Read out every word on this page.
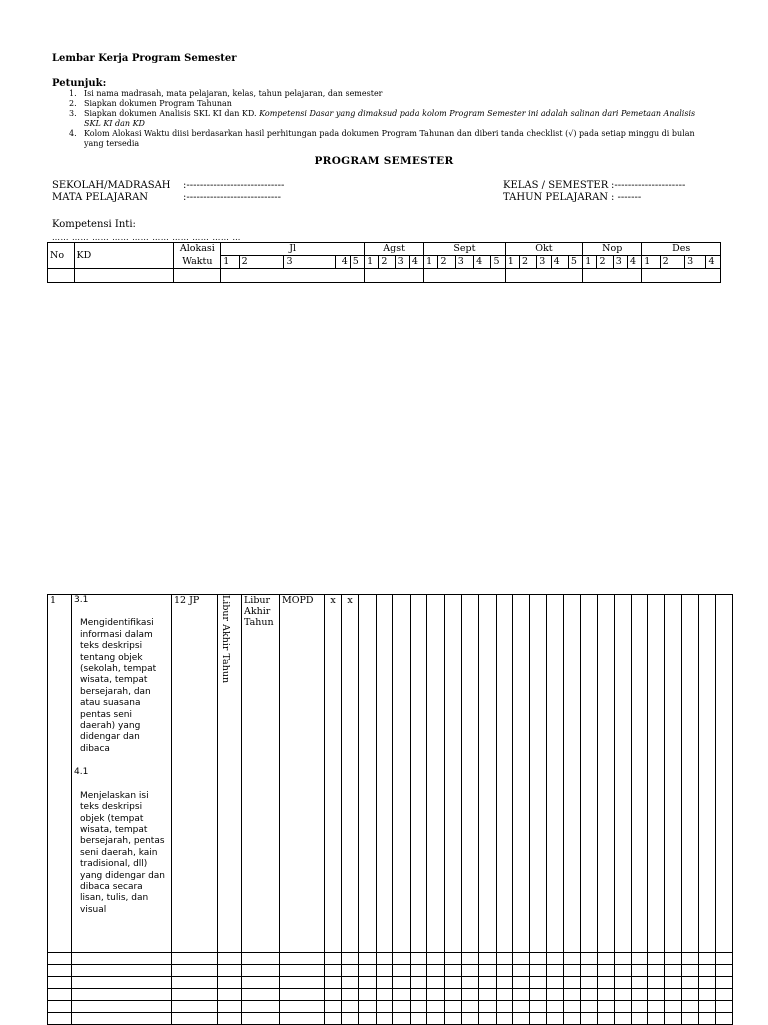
Lembar Kerja Program Semester
Petunjuk:
1. Isi nama madrasah, mata pelajaran, kelas, tahun pelajaran, dan semester
2. Siapkan dokumen Program Tahunan
3. Siapkan dokumen Analisis SKL KI dan KD. Kompetensi Dasar yang dimaksud pada kolom Program Semester ini adalah salinan dari Pemetaan Analisis SKL KI dan KD
4. Kolom Alokasi Waktu diisi berdasarkan hasil perhitungan pada dokumen Program Tahunan dan diberi tanda checklist (√) pada setiap minggu di bulan yang tersedia
PROGRAM SEMESTER
SEKOLAH/MADRASAH :-----------------------------
MATA PELAJARAN	:----------------------------
KELAS / SEMESTER :---------------------
TAHUN PELAJARAN : -------
Kompetensi Inti:
…… …… …… …… …… …… …… …… …… …
No	KD	Alokasi	Jl					Agst				Sept					Okt					Nop				Des			
		Waktu	1	2	3	4	5	1	2	3	4	1	2	3	4	5	1	2	3	4	5	1	2	3	4	1	2	3	4

1	3.1
Mengidentifikasi informasi dalam teks deskripsi tentang objek (sekolah, tempat wisata, tempat bersejarah, dan atau suasana pentas seni daerah) yang didengar dan dibaca
4.1
Menjelaskan isi teks deskripsi objek (tempat wisata, tempat bersejarah, pentas seni daerah, kain tradisional, dll) yang didengar dan dibaca secara lisan, tulis, dan visual	12 JP	Libur Akhir Tahun	Libur Akhir Tahun	MOPD	x	x																						
